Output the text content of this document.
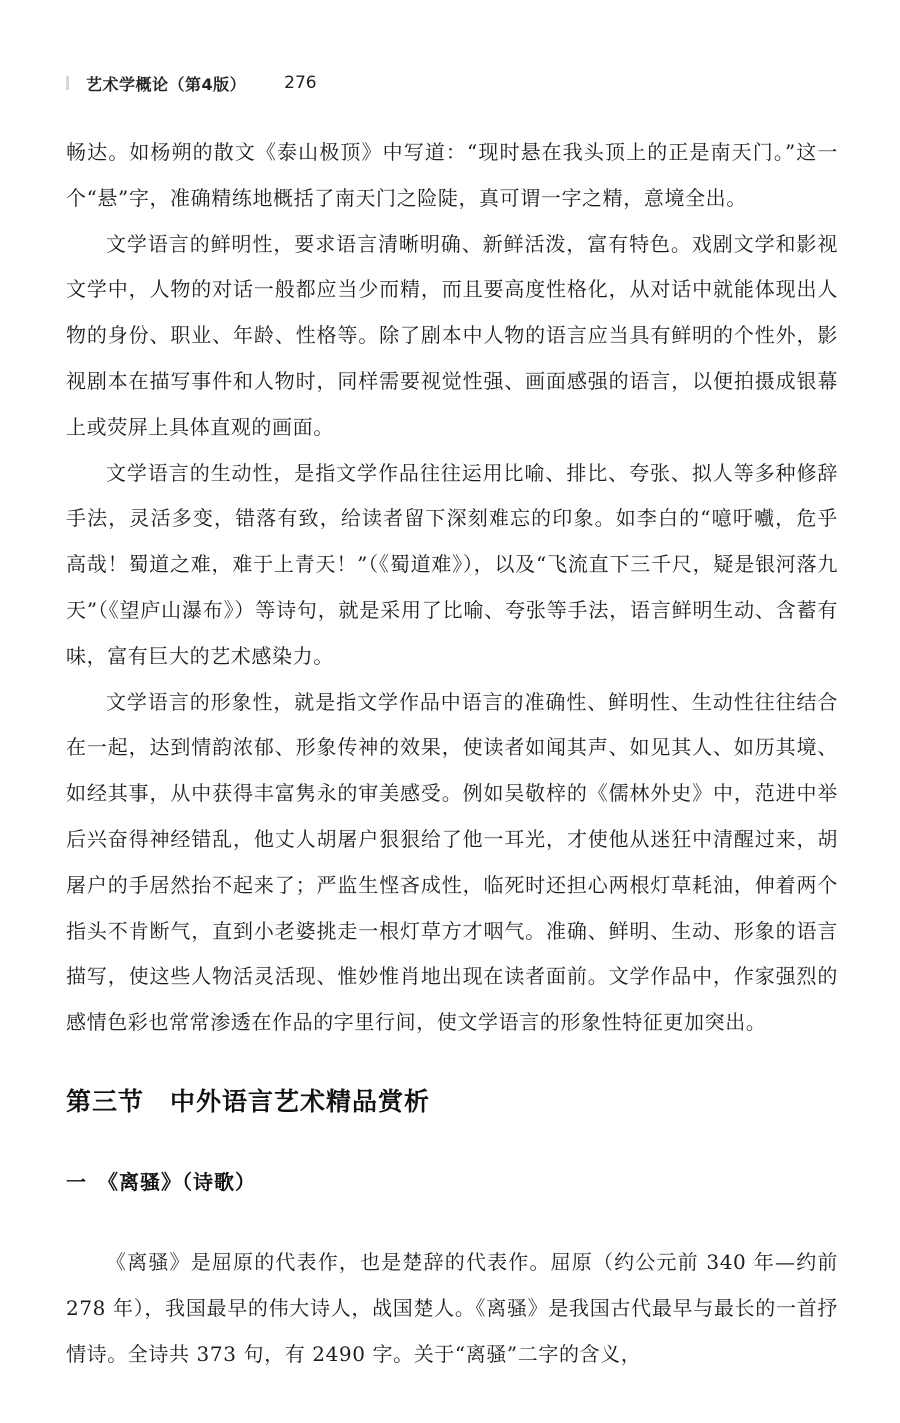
艺术学概论（第4版） 276

畅达。如杨朔的散文《泰山极顶》中写道：“现时悬在我头顶上的正是南天门。”这一个“悬”字，准确精练地概括了南天门之险陡，真可谓一字之精，意境全出。

文学语言的鲜明性，要求语言清晰明确、新鲜活泼，富有特色。戏剧文学和影视文学中，人物的对话一般都应当少而精，而且要高度性格化，从对话中就能体现出人物的身份、职业、年龄、性格等。除了剧本中人物的语言应当具有鲜明的个性外，影视剧本在描写事件和人物时，同样需要视觉性强、画面感强的语言，以便拍摄成银幕上或荧屏上具体直观的画面。

文学语言的生动性，是指文学作品往往运用比喻、排比、夸张、拟人等多种修辞手法，灵活多变，错落有致，给读者留下深刻难忘的印象。如李白的“噫吁嚱，危乎高哉！蜀道之难，难于上青天！”（《蜀道难》），以及“飞流直下三千尺，疑是银河落九天”（《望庐山瀑布》）等诗句，就是采用了比喻、夸张等手法，语言鲜明生动、含蓄有味，富有巨大的艺术感染力。

文学语言的形象性，就是指文学作品中语言的准确性、鲜明性、生动性往往结合在一起，达到情韵浓郁、形象传神的效果，使读者如闻其声、如见其人、如历其境、如经其事，从中获得丰富隽永的审美感受。例如吴敬梓的《儒林外史》中，范进中举后兴奋得神经错乱，他丈人胡屠户狠狠给了他一耳光，才使他从迷狂中清醒过来，胡屠户的手居然抬不起来了；严监生悭吝成性，临死时还担心两根灯草耗油，伸着两个指头不肯断气，直到小老婆挑走一根灯草方才咽气。准确、鲜明、生动、形象的语言描写，使这些人物活灵活现、惟妙惟肖地出现在读者面前。文学作品中，作家强烈的感情色彩也常常渗透在作品的字里行间，使文学语言的形象性特征更加突出。

第三节　中外语言艺术精品赏析
一　《离骚》（诗歌）

《离骚》是屈原的代表作，也是楚辞的代表作。屈原（约公元前 340 年—约前 278 年），我国最早的伟大诗人，战国楚人。《离骚》是我国古代最早与最长的一首抒情诗。全诗共 373 句，有 2490 字。关于“离骚”二字的含义，
